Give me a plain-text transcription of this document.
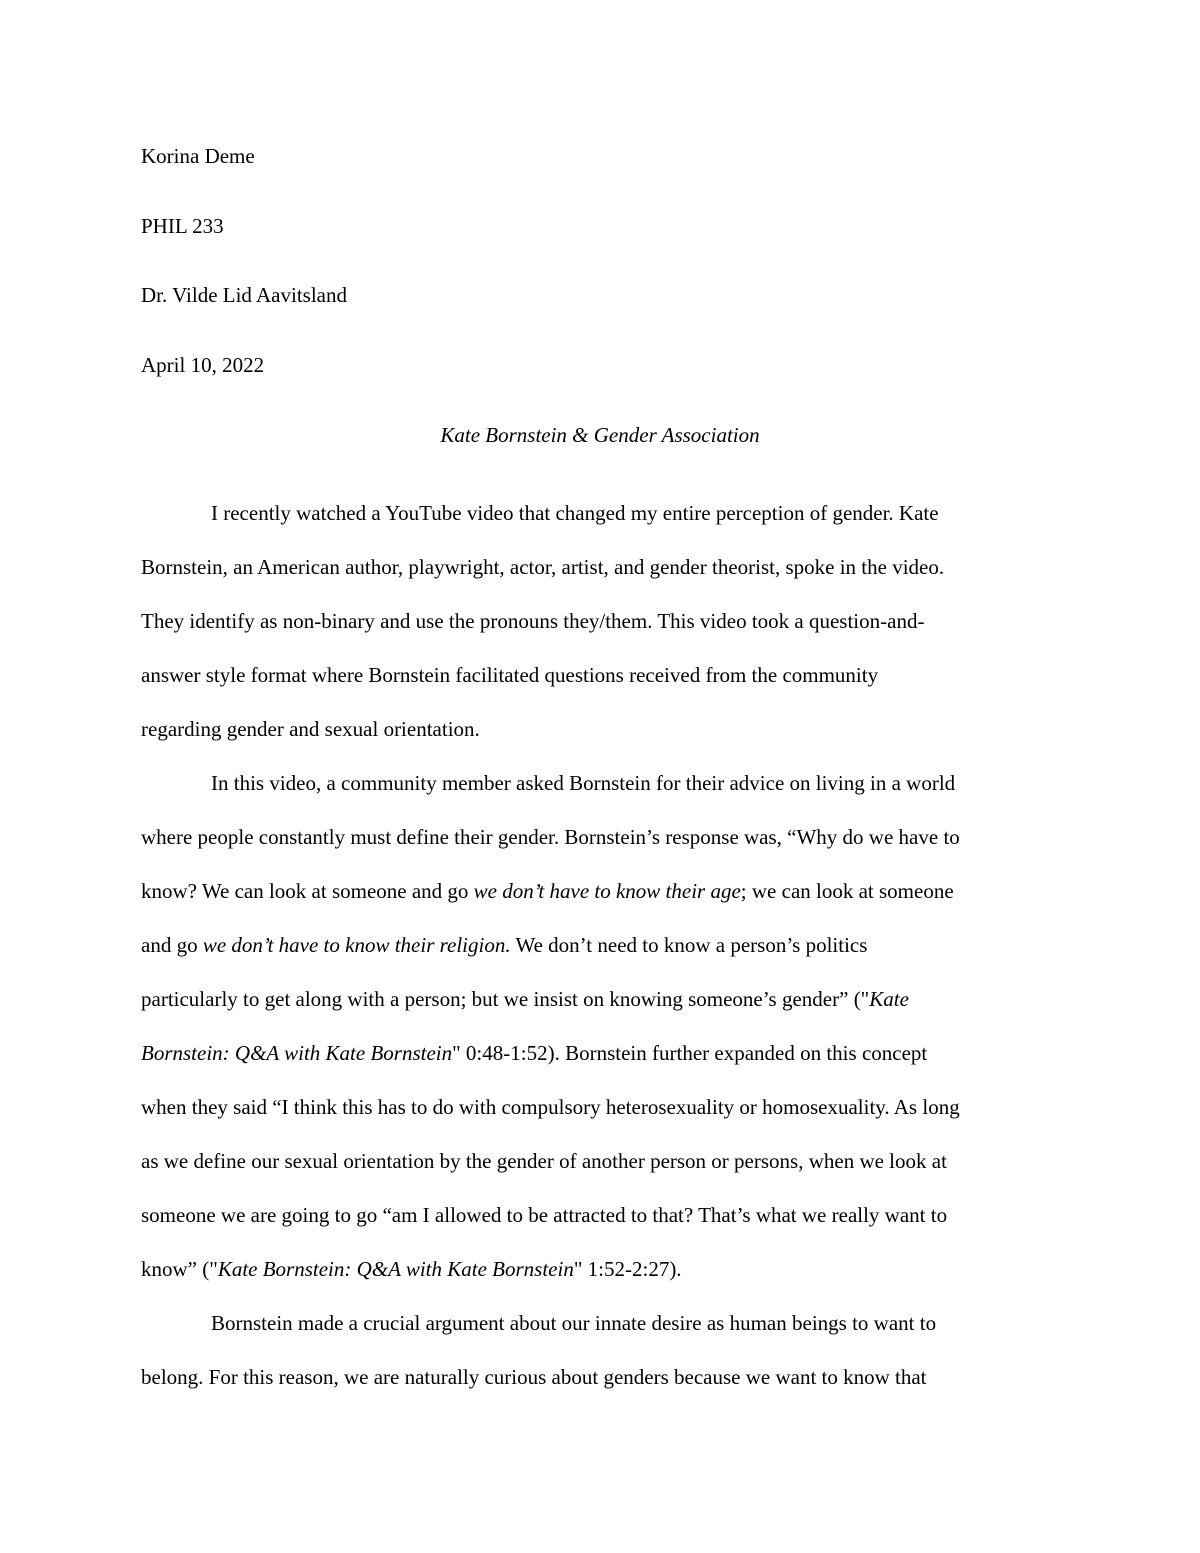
Korina Deme

PHIL 233

Dr. Vilde Lid Aavitsland

April 10, 2022

Kate Bornstein & Gender Association

I recently watched a YouTube video that changed my entire perception of gender. Kate
Bornstein, an American author, playwright, actor, artist, and gender theorist, spoke in the video.
They identify as non-binary and use the pronouns they/them. This video took a question-and-
answer style format where Bornstein facilitated questions received from the community
regarding gender and sexual orientation.

In this video, a community member asked Bornstein for their advice on living in a world
where people constantly must define their gender. Bornstein’s response was, “Why do we have to
know? We can look at someone and go we don’t have to know their age; we can look at someone
and go we don’t have to know their religion. We don’t need to know a person’s politics
particularly to get along with a person; but we insist on knowing someone’s gender” ("Kate
Bornstein: Q&A with Kate Bornstein" 0:48-1:52). Bornstein further expanded on this concept
when they said “I think this has to do with compulsory heterosexuality or homosexuality. As long
as we define our sexual orientation by the gender of another person or persons, when we look at
someone we are going to go “am I allowed to be attracted to that? That’s what we really want to
know” ("Kate Bornstein: Q&A with Kate Bornstein" 1:52-2:27).

Bornstein made a crucial argument about our innate desire as human beings to want to
belong. For this reason, we are naturally curious about genders because we want to know that
